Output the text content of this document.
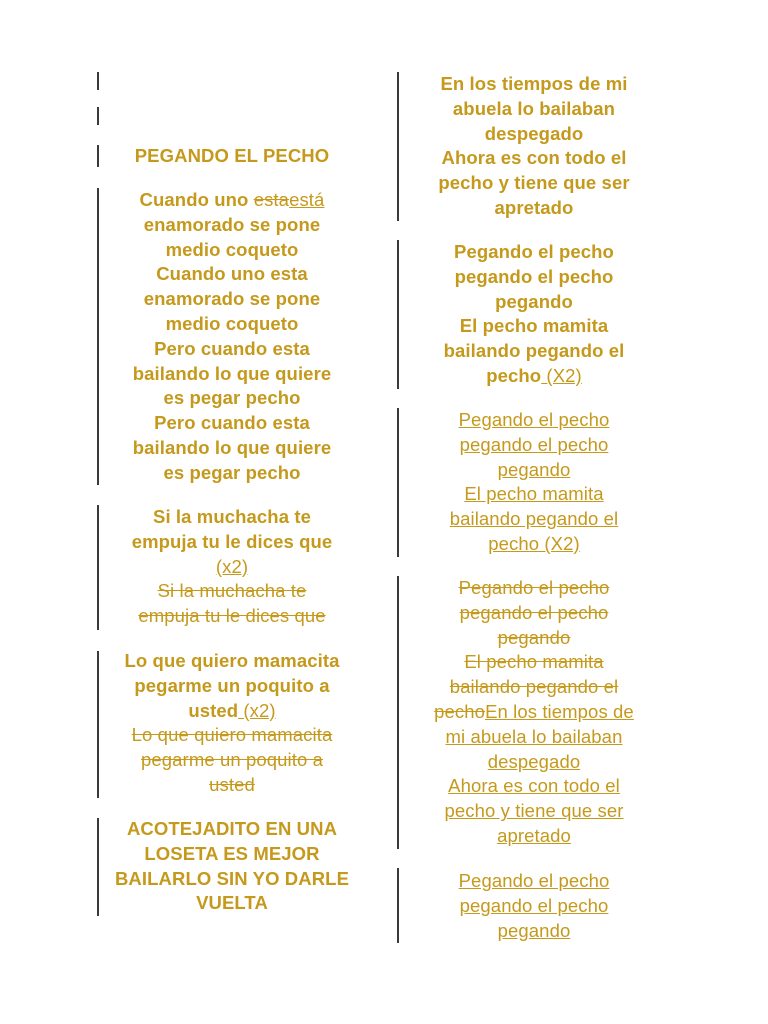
PEGANDO EL PECHO
Cuando uno estaestá
enamorado se pone
medio coqueto
Cuando uno esta
enamorado se pone
medio coqueto
Pero cuando esta
bailando lo que quiere
es pegar pecho
Pero cuando esta
bailando lo que quiere
es pegar pecho
Si la muchacha te
empuja tu le dices que
(x2)
Si la muchacha te
empuja tu le dices que
Lo que quiero mamacita
pegarme un poquito a
usted (x2)
Lo que quiero mamacita
pegarme un poquito a
usted
ACOTEJADITO EN UNA
LOSETA ES MEJOR
BAILARLO SIN YO DARLE
VUELTA
En los tiempos de mi
abuela lo bailaban
despegado
Ahora es con todo el
pecho y tiene que ser
apretado
Pegando el pecho
pegando el pecho
pegando
El pecho mamita
bailando pegando el
pecho (X2)
Pegando el pecho
pegando el pecho
pegando
El pecho mamita
bailando pegando el
pecho (X2)
Pegando el pecho
pegando el pecho
pegando
El pecho mamita
bailando pegando el
pechoEn los tiempos de
mi abuela lo bailaban
despegado
Ahora es con todo el
pecho y tiene que ser
apretado
Pegando el pecho
pegando el pecho
pegando
